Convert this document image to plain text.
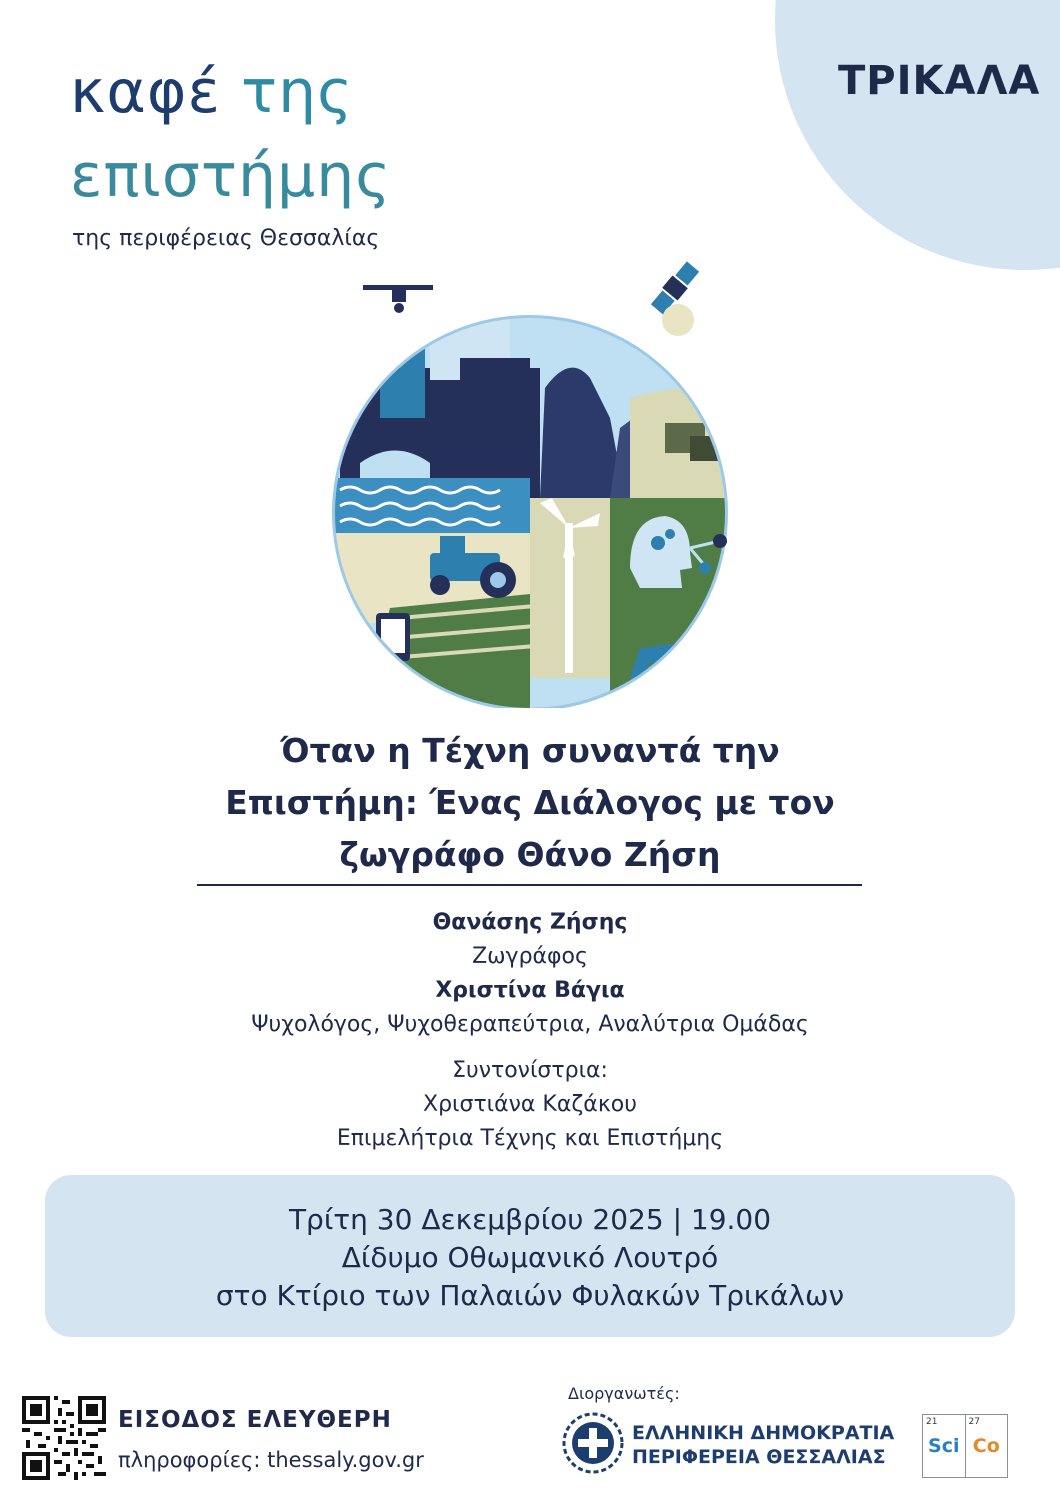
ΤΡΙΚΑΛΑ
καφέ της
επιστήμης
της περιφέρειας Θεσσαλίας
Όταν η Τέχνη συναντά την
Επιστήμη: Ένας Διάλογος με τον
ζωγράφο Θάνο Ζήση
Θανάσης Ζήσης
Ζωγράφος
Χριστίνα Βάγια
Ψυχολόγος, Ψυχοθεραπεύτρια, Αναλύτρια Ομάδας
Συντονίστρια:
Χριστιάνα Καζάκου
Επιμελήτρια Τέχνης και Επιστήμης
Τρίτη 30 Δεκεμβρίου 2025 | 19.00
Δίδυμο Οθωμανικό Λουτρό
στο Κτίριο των Παλαιών Φυλακών Τρικάλων
ΕΙΣΟΔΟΣ ΕΛΕΥΘΕΡΗ
πληροφορίες: thessaly.gov.gr
Διοργανωτές:
ΕΛΛΗΝΙΚΗ ΔΗΜΟΚΡΑΤΙΑ
ΠΕΡΙΦΕΡΕΙΑ ΘΕΣΣΑΛΙΑΣ
21
Sci
27
Co
